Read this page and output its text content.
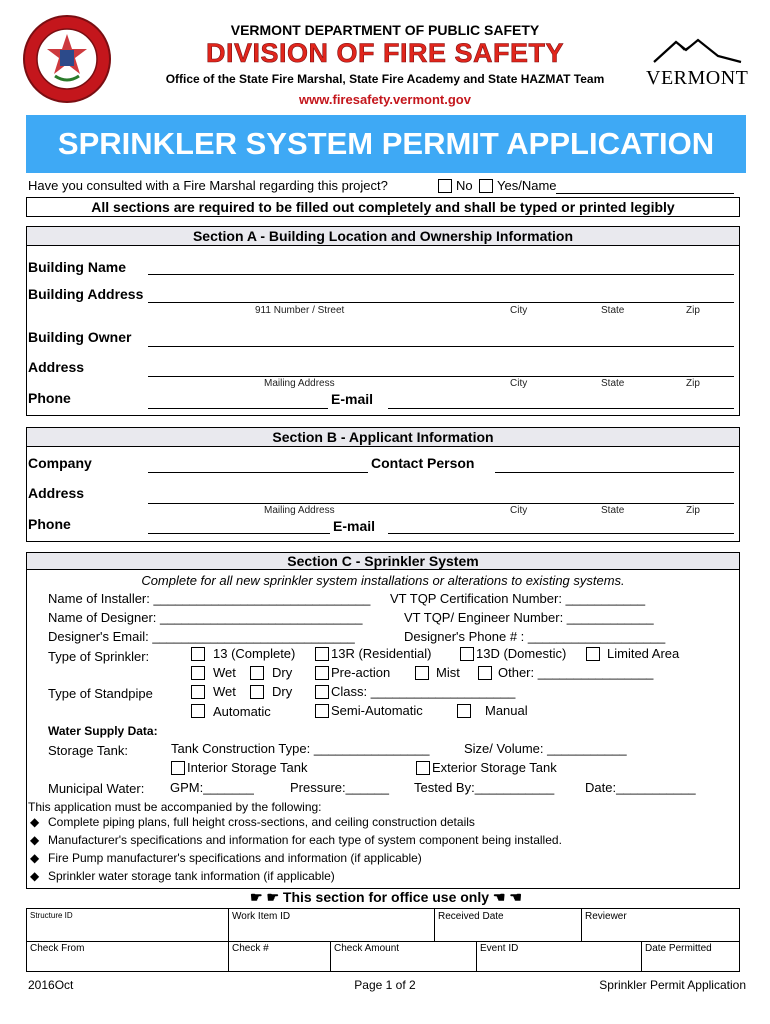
VERMONT DEPARTMENT OF PUBLIC SAFETY
DIVISION OF FIRE SAFETY
Office of the State Fire Marshal, State Fire Academy and State HAZMAT Team
www.firesafety.vermont.gov
VERMONT
SPRINKLER SYSTEM PERMIT APPLICATION
Have you consulted with a Fire Marshal regarding this project?	No Yes/Name
All sections are required to be filled out completely and shall be typed or printed legibly
Section A - Building Location and Ownership Information
Building Name
Building Address
911 Number / Street	City	State	Zip
Building Owner
Address
Mailing Address	City	State	Zip
Phone	E-mail
Section B - Applicant Information
Company	Contact Person
Address
Mailing Address	City	State	Zip
Phone	E-mail
Section C - Sprinkler System
Complete for all new sprinkler system installations or alterations to existing systems.
Name of Installer: ______________________________ VT TQP Certification Number: ___________
Name of Designer: ____________________________	VT TQP/ Engineer Number: ____________
Designer's Email: ____________________________	Designer's Phone # : ___________________
Type of Sprinkler:	13 (Complete)	13R (Residential)	13D (Domestic)	Limited Area
Wet	Dry	Pre-action	Mist	Other: ________________
Type of Standpipe	Wet	Dry	Class: ____________________
Automatic	Semi-Automatic	Manual
Water Supply Data:
Storage Tank:	Tank Construction Type: ________________	Size/ Volume: ___________
Interior Storage Tank	Exterior Storage Tank
Municipal Water: GPM:_______	Pressure:______ Tested By:___________ Date:___________
This application must be accompanied by the following:
◆ Complete piping plans, full height cross-sections, and ceiling construction details
◆ Manufacturer's specifications and information for each type of system component being installed.
◆ Fire Pump manufacturer's specifications and information (if applicable)
◆ Sprinkler water storage tank information (if applicable)
☛ ☛ This section for office use only ☚ ☚
Structure ID	Work Item ID	Received Date	Reviewer
Check From	Check #	Check Amount	Event ID	Date Permitted
2016Oct	Page 1 of 2	Sprinkler Permit Application
